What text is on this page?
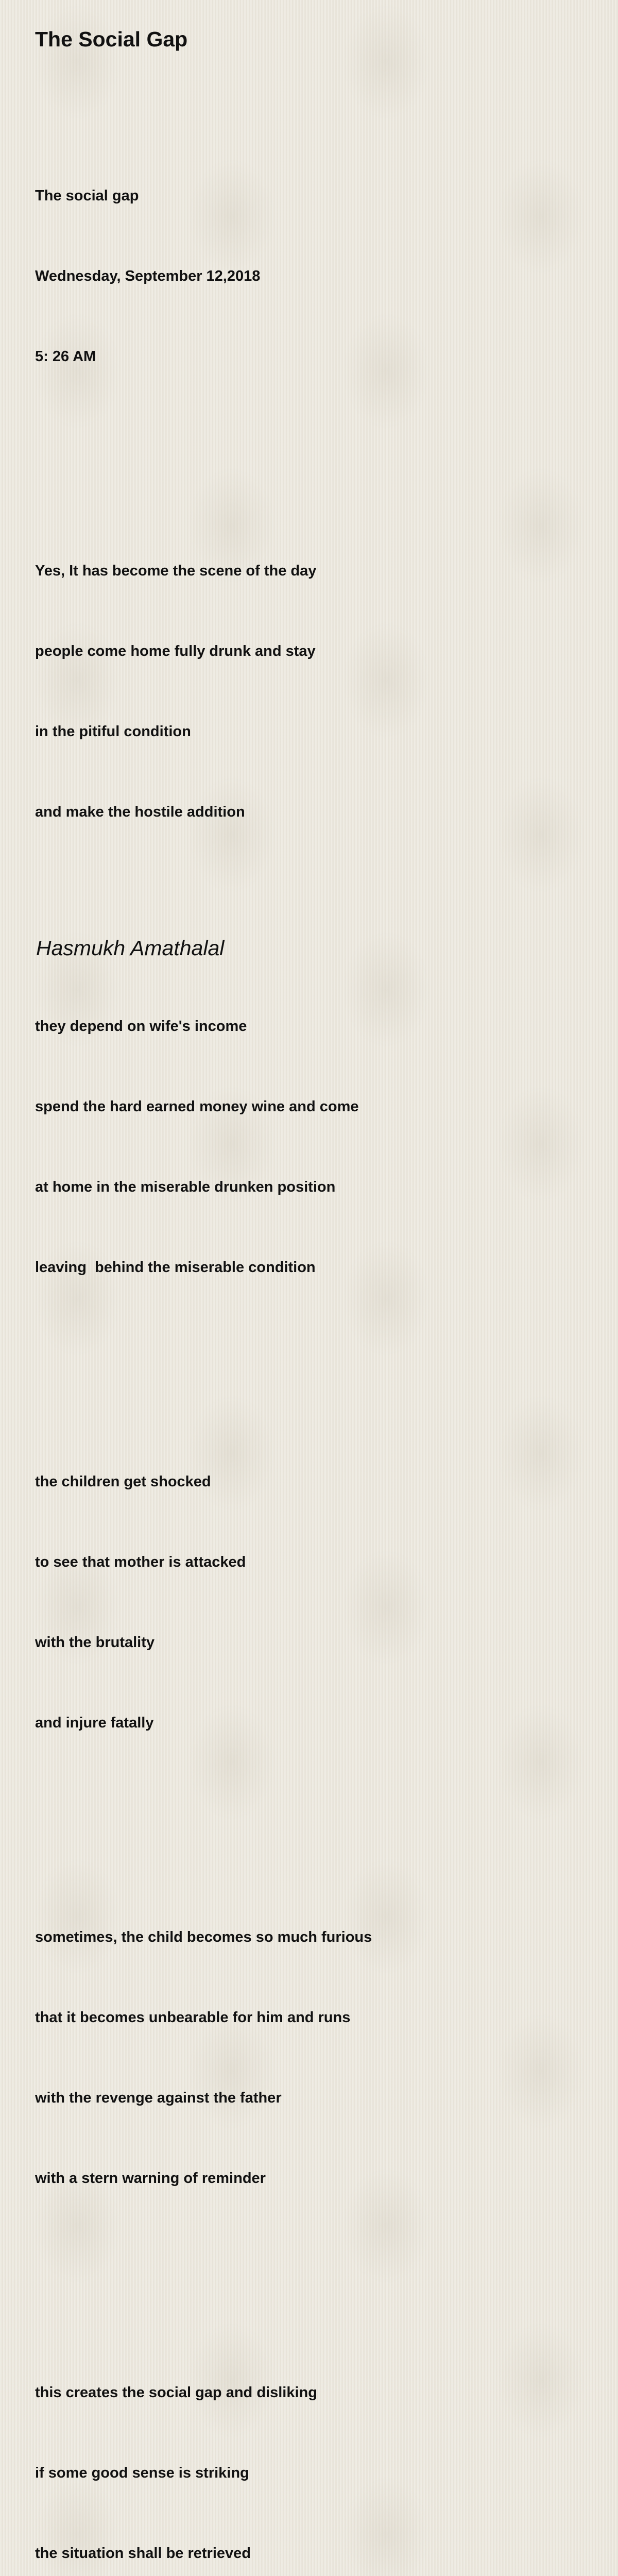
The Social Gap

The social gap

Wednesday, September 12,2018

5: 26 AM

Yes, It has become the scene of the day

people come home fully drunk and stay

in the pitiful condition

and make the hostile addition

they depend on wife's income

spend the hard earned money wine and come

at home in the miserable drunken position

leaving  behind the miserable condition

the children get shocked

to see that mother is attacked

with the brutality

and injure fatally

sometimes, the child becomes so much furious

that it becomes unbearable for him and runs

with the revenge against the father

with a stern warning of reminder

this creates the social gap and disliking

if some good sense is striking

the situation shall be retrieved

Hasmukh Amathalal
